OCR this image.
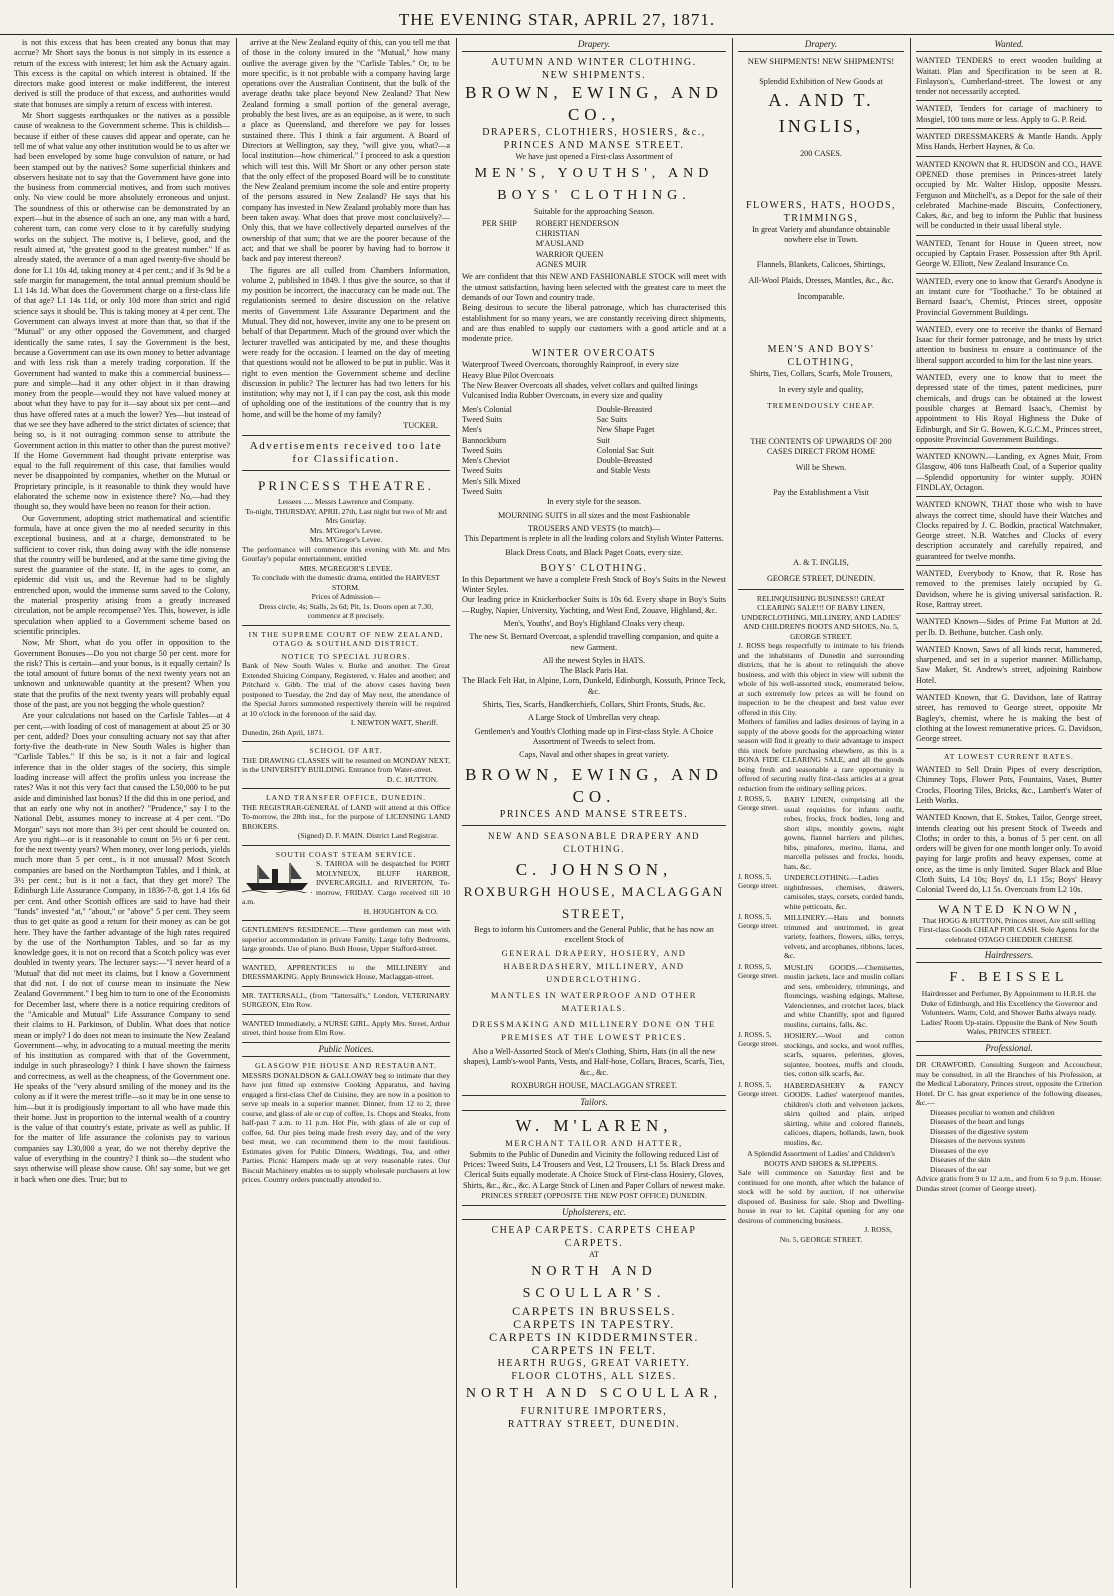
THE EVENING STAR, APRIL 27, 1871.

is not this excess that has been created any bonus that may accrue? Mr Short says the bonus is not simply in its essence a return of the excess with interest; let him ask the Actuary again. This excess is the capital on which interest is obtained. If the directors make good interest or make indifferent, the interest derived is still the produce of that excess, and authorities would state that bonuses are simply a return of excess with interest.

Mr Short suggests earthquakes or the natives as a possible cause of weakness to the Government scheme. This is childish—because if either of these causes did appear and operate, can he tell me of what value any other institution would be to us after we had been enveloped by some huge convulsion of nature, or had been stamped out by the natives? Some superficial thinkers and observers hesitate not to say that the Government have gone into the business from commercial motives, and from such motives only. No view could be more absolutely erroneous and unjust. The soundness of this or otherwise can be demonstrated by an expert—but in the absence of such an one, any man with a hard, coherent turn, can come very close to it by carefully studying works on the subject. The motive is, I believe, good, and the result aimed at, "the greatest good to the greatest number." If as already stated, the averance of a man aged twenty-five should be done for L1 10s 4d, taking money at 4 per cent.; and if 3s 9d be a safe margin for management, the total annual premium should be L1 14s 1d. What does the Government charge on a first-class life of that age? L1 14s 11d, or only 10d more than strict and rigid science says it should be. This is taking money at 4 per cent. The Government can always invest at more than that, so that if the "Mutual" or any other opposed the Government, and charged identically the same rates, I say the Government is the best, because a Government can use its own money to better advantage and with less risk than a merely trading corporation. If the Government had wanted to make this a commercial business—pure and simple—had it any other object in it than drawing money from the people—would they not have valued money at about what they have to pay for it—say about six per cent—and thus have offered rates at a much the lower? Yes—but instead of that we see they have adhered to the strict dictates of science; that being so, is it not outraging common sense to attribute the Government action in this matter to other than the purest motive? If the Home Government had thought private enterprise was equal to the full requirement of this case, that families would never be disappointed by companies, whether on the Mutual or Proprietary principle, is it reasonable to think they would have elaborated the scheme now in existence there? No,—had they thought so, they would have been no reason for their action.

Our Government, adopting strict mathematical and scientific formula, have at once given the mo al needed security in this exceptional business, and at a charge, demonstrated to be sufficient to cover risk, thus doing away with the idle nonsense that the country will be burdened, and at the same time giving the surest the guarantee of the state. If, in the ages to come, an epidemic did visit us, and the Revenue had to be slightly entrenched upon, would the immense sums saved to the Colony, the material prosperity arising from a greatly increased circulation, not be ample recompense? Yes. This, however, is idle speculation when applied to a Government scheme based on scientific principles.

Now, Mr Short, what do you offer in opposition to the Government Bonuses—Do you not charge 50 per cent. more for the risk? This is certain—and your bonus, is it equally certain? Is the total amount of future bonus of the next twenty years not an unknown and unknowable quantity at the present? When you state that the profits of the next twenty years will probably equal those of the past, are you not begging the whole question?

Are your calculations not based on the Carlisle Tables—at 4 per cent,—with loading of cost of management at about 25 or 30 per cent, added? Does your consulting actuary not say that after forty-five the death-rate in New South Wales is higher than "Carlisle Tables." If this be so, is it not a fair and logical inference that in the older stages of the society, this simple loading increase will affect the profits unless you increase the rates? Was it not this very fact that caused the L50,000 to be put aside and diminished last bonus? If the did this in one period, and that an early one why not in another? "Prudence," say I to the National Debt, assumes money to increase at 4 per cent. "Do Morgan" says not more than 3½ per cent should be counted on. Are you right—or is it reasonable to count on 5½ or 6 per cent. for the next twenty years? When money, over long periods, yields much more than 5 per cent., is it not unusual? Most Scotch companies are based on the Northampton Tables, and I think, at 3½ per cent.; but is it not a fact, that they get more? The Edinburgh Life Assurance Company, in 1836-7-8, got 1.4 16s 6d per cent. And other Scottish offices are said to have had their "funds" invested "at," "about," or "above" 5 per cent. They seem thus to get quite as good a return for their money as can be got here. They have the farther advantage of the high rates required by the use of the Northampton Tables, and so far as my knowledge goes, it is not on record that a Scotch policy was ever doubled in twenty years. The lecturer says:—"I never heard of a 'Mutual' that did not meet its claims, but I know a Government that did not. I do not of course mean to insinuate the New Zealand Government." I beg him to turn to one of the Economists for December last, where there is a notice requiring creditors of the "Amicable and Mutual" Life Assurance Company to send their claims to H. Parkinson, of Dublin. What does that notice mean or imply? I do does not mean to insinuate the New Zealand Government—why, in advocating to a mutual meeting the merits of his institution as compared with that of the Government, indulge in such phraseology? I think I have shown the fairness and correctness, as well as the cheapness, of the Government one. He speaks of the "very absurd smiling of the money and its the colony as if it were the merest trifle—so it may be in one sense to him—but it is prodigiously important to all who have made this their home. Just in proportion to the internal wealth of a country is the value of that country's estate, private as well as public. If for the matter of life assurance the colonists pay to various companies say L30,000 a year, do we not thereby deprive the value of everything in the country? I think so—the student who says otherwise will please show cause. Oh! say some, but we get it back when one dies. True; but to

arrive at the New Zealand equity of this, can you tell me that of those in the colony insured in the "Mutual," how many outlive the average given by the "Carlisle Tables." Or, to be more specific, is it not probable with a company having large operations over the Australian Continent, that the bulk of the average deaths take place beyond New Zealand? That New Zealand forming a small portion of the general average, probably the best lives, are as an equipoise, as it were, to such a place as Queensland, and therefore we pay for losses sustained there. This I think a fair argument. A Board of Directors at Wellington, say they, "will give you, what?—a local institution—how chimerical." I proceed to ask a question which will test this. Will Mr Short or any other person state that the only effect of the proposed Board will be to constitute the New Zealand premium income the sole and entire property of the persons assured in New Zealand? He says that his company has invested in New Zealand probably more than has been taken away. What does that prove most conclusively?—Only this, that we have collectively departed ourselves of the ownership of that sum; that we are the poorer because of the act; and that we shall be poorer by having had to borrow it back and pay interest thereon?

The figures are all culled from Chambers Information, volume 2, published in 1849. I thus give the source, so that if my position be incorrect, the inaccuracy can be made out. The regulationists seemed to desire discussion on the relative merits of Government Life Assurance Department and the Mutual. They did not, however, invite any one to be present on behalf of that Department. Much of the ground over which the lecturer travelled was anticipated by me, and these thoughts were ready for the occasion. I learned on the day of meeting that questions would not be allowed to be put in public. Was it right to even mention the Government scheme and decline discussion in public? The lecturer has had two letters for his institution; why may not I, if I can pay the cost, ask this mode of upholding one of the institutions of the country that is my home, and will be the home of my family?

TUCKER.
Advertisements received too late for Classification.
PRINCESS THEATRE.
Lessees ..... Messrs Lawrence and Company.
To-night, THURSDAY, APRIL 27th, Last night but two of Mr and Mrs Gourlay.
Mrs. M'Gregor's Levee.
Mrs. M'Gregor's Levee.
The performance will commence this evening with Mr. and Mrs Gourlay's popular entertainment, entitled
MRS. M'GREGOR'S LEVEE.
To conclude with the domestic drama, entitled the HARVEST STORM.
Prices of Admission—
Dress circle, 4s; Stalls, 2s 6d; Pit, 1s. Doors open at 7.30, commence at 8 precisely.
IN THE SUPREME COURT OF NEW ZEALAND, OTAGO & SOUTHLAND DISTRICT.
NOTICE TO SPECIAL JURORS.
Bank of New South Wales v. Burke and another. The Great Extended Sluicing Company, Registered, v. Hales and another; and Pritchard v. Gibb. The trial of the above cases having been postponed to Tuesday, the 2nd day of May next, the attendance of the Special Jurors summoned respectively therein will be required at 10 o'clock in the forenoon of the said day.
I. NEWTON WATT, Sheriff.
Dunedin, 26th April, 1871.
SCHOOL OF ART.
THE DRAWING CLASSES will be resumed on MONDAY NEXT, in the UNIVERSITY BUILDING. Entrance from Water-street.
D. C. HUTTON.
LAND TRANSFER OFFICE, DUNEDIN.
THE REGISTRAR-GENERAL of LAND will attend at this Office To-morrow, the 28th inst., for the purpose of LICENSING LAND BROKERS.
(Signed) D. F. MAIN. District Land Registrar.
SOUTH COAST STEAM SERVICE.
S. TAIROA will be despatched for PORT MOLYNEUX, BLUFF HARBOR, INVERCARGILL and RIVERTON, To-morrow, FRIDAY. Cargo received till 10 a.m.
H. HOUGHTON & CO.
GENTLEMEN'S RESIDENCE.—Three gentlemen can meet with superior accommodation in private Family. Large lofty Bedrooms, large grounds. Use of piano. Bush House, Upper Stafford-street.
WANTED, APPRENTICES to the MILLINERY and DRESSMAKING. Apply Brunswick House, Maclaggan-street.
MR. TATTERSALL, (from "Tattersall's," London, VETERINARY SURGEON, Elm Row.
WANTED Immediately, a NURSE GIRL. Apply Mrs. Street, Arthur street, third house from Elm Row.
Public Notices.
GLASGOW PIE HOUSE AND RESTAURANT.
MESSRS DONALDSON & GALLOWAY beg to intimate that they have just fitted up extensive Cooking Apparatus, and having engaged a first-class Chef de Cuisine, they are now in a position to serve up meals in a superior manner. Dinner, from 12 to 2, three course, and glass of ale or cup of coffee, 1s. Chops and Steaks, from half-past 7 a.m. to 11 p.m. Hot Pie, with glass of ale or cup of coffee, 6d. Our pies being made fresh every day, and of the very best meat, we can recommend them to the most fastidious. Estimates given for Public Dinners, Weddings, Tea, and other Parties. Picnic Hampers made up at very reasonable rates. Our Biscuit Machinery enables us to supply wholesale purchasers at low prices. Country orders punctually attended to.
Drapery.
AUTUMN AND WINTER CLOTHING.
NEW SHIPMENTS.
BROWN, EWING, AND CO.,
DRAPERS, CLOTHIERS, HOSIERS, &c.,
PRINCES AND MANSE STREET.
We have just opened a First-class Assortment of
MEN'S, YOUTHS', AND BOYS' CLOTHING.
Suitable for the approaching Season.
PER SHIP	ROBERT HENDERSON
CHRISTIAN M'AUSLAND
WARRIOR QUEEN
AGNES MUIR
We are confident that this NEW AND FASHIONABLE STOCK will meet with the utmost satisfaction, having been selected with the greatest care to meet the demands of our Town and country trade.
Being desirous to secure the liberal patronage, which has characterised this establishment for so many years, we are constantly receiving direct shipments, and are thus enabled to supply our customers with a good article and at a moderate price.
WINTER OVERCOATS
Waterproof Tweed Overcoats, thoroughly Rainproof, in every size
Heavy Blue Pilot Overcoats
The New Beaver Overcoats all shades, velvet collars and quilted linings
Vulcanised India Rubber Overcoats, in every size and quality
Men's Colonial Tweed Suits
Men's Bannockburn Tweed Suits
Men's Cheviot Tweed Suits
Men's Silk Mixed Tweed Suits
Double-Breasted Sac Suits
New Shape Paget Suit
Colonial Sac Suit
Double-Breasted and Stable Vests
In every style for the season.
MOURNING SUITS in all sizes and the most Fashionable
TROUSERS AND VESTS (to match)—
This Department is replete in all the leading colors and Stylish Winter Patterns.
Black Dress Coats, and Black Paget Coats, every size.
BOYS' CLOTHING.
In this Department we have a complete Fresh Stock of Boy's Suits in the Newest Winter Styles.
Our leading price in Knickerbocker Suits is 10s 6d. Every shape in Boy's Suits—Rugby, Napier, University, Yachting, and West End, Zouave, Highland, &c.
Men's, Youths', and Boy's Highland Cloaks very cheap.
The new St. Bernard Overcoat, a splendid travelling companion, and quite a new Garment.
All the newest Styles in HATS.
The Black Paris Hat.
The Black Felt Hat, in Alpine, Lorn, Dunkeld, Edinburgh, Kossuth, Prince Teck, &c.
Shirts, Ties, Scarfs, Handkerchiefs, Collars, Shirt Fronts, Studs, &c.
A Large Stock of Umbrellas very cheap.
Gentlemen's and Youth's Clothing made up in First-class Style. A Choice Assortment of Tweeds to select from.
Caps, Naval and other shapes in great variety.
BROWN, EWING, AND CO.
PRINCES AND MANSE STREETS.
NEW AND SEASONABLE DRAPERY AND CLOTHING.
C. JOHNSON,
ROXBURGH HOUSE, MACLAGGAN STREET,
Begs to inform his Customers and the General Public, that he has now an excellent Stock of
GENERAL DRAPERY, HOSIERY, AND HABERDASHERY, MILLINERY, AND UNDERCLOTHING.
MANTLES IN WATERPROOF AND OTHER MATERIALS.
DRESSMAKING AND MILLINERY DONE ON THE PREMISES AT THE LOWEST PRICES.
Also a Well-Assorted Stock of Men's Clothing, Shirts, Hats (in all the new shapes), Lamb's-wool Pants, Vests, and Half-hose, Collars, Braces, Scarfs, Ties, &c., &c.
ROXBURGH HOUSE, MACLAGGAN STREET.
Tailors.
W. M'LAREN,
MERCHANT TAILOR AND HATTER,
Submits to the Public of Dunedin and Vicinity the following reduced List of Prices: Tweed Suits, L4 Trousers and Vest, L2 Trousers, L1 5s. Black Dress and Clerical Suits equally moderate. A Choice Stock of First-class Hosiery, Gloves, Shirts, &c., &c., &c. A Large Stock of Linen and Paper Collars of newest make.
PRINCES STREET (OPPOSITE THE NEW POST OFFICE) DUNEDIN.
Upholsterers, etc.
CHEAP CARPETS. CARPETS CHEAP CARPETS.
AT
NORTH AND SCOULLAR'S.
CARPETS IN BRUSSELS.
CARPETS IN TAPESTRY.
CARPETS IN KIDDERMINSTER.
CARPETS IN FELT.
HEARTH RUGS, GREAT VARIETY.
FLOOR CLOTHS, ALL SIZES.
NORTH AND SCOULLAR,
FURNITURE IMPORTERS,
RATTRAY STREET, DUNEDIN.
Drapery.
NEW SHIPMENTS! NEW SHIPMENTS!
Splendid Exhibition of New Goods at
A. AND T. INGLIS,
200 CASES.
FLOWERS, HATS, HOODS, TRIMMINGS,
In great Variety and abundance obtainable nowhere else in Town.
Flannels, Blankets, Calicoes, Shirtings,
All-Wool Plaids, Dresses, Mantles, &c., &c.
Incomparable.
MEN'S AND BOYS' CLOTHING,
Shirts, Ties, Collars, Scarfs, Mole Trousers,
In every style and quality,
TREMENDOUSLY CHEAP.
THE CONTENTS OF UPWARDS OF 200 CASES DIRECT FROM HOME
Will be Shewn.
Pay the Establishment a Visit
A. & T. INGLIS,
GEORGE STREET, DUNEDIN.
RELINQUISHING BUSINESS!! GREAT CLEARING SALE!!! OF BABY LINEN, UNDERCLOTHING, MILLINERY, AND LADIES' AND CHILDREN'S BOOTS AND SHOES, No. 5, GEORGE STREET.
J. ROSS begs respectfully to intimate to his friends and the inhabitants of Dunedin and surrounding districts, that he is about to relinquish the above business, and with this object in view will submit the whole of his well-assorted stock, enumerated below, at such extremely low prices as will be found on inspection to be the cheapest and best value ever offered in this City.
Mothers of families and ladies desirous of laying in a supply of the above goods for the approaching winter season will find it greatly to their advantage to inspect this stock before purchasing elsewhere, as this is a BONA FIDE CLEARING SALE, and all the goods being fresh and seasonable a rare opportunity is offered of securing really first-class articles at a great reduction from the ordinary selling prices.
J. ROSS, 5, George street.
BABY LINEN, comprising all the usual requisites for infants outfit, robes, frocks, frock bodies, long and short slips, monthly gowns, night gowns, flannel barriers and pilches, bibs, pinafores, merino, llama, and marcella pelisses and frocks, hoods, hats, &c.
J. ROSS, 5, George street.
UNDERCLOTHING.—Ladies nightdresses, chemises, drawers, camisoles, stays, corsets, corded bands, white petticoats, &c.
J. ROSS, 5, George street.
MILLINERY.—Hats and bonnets trimmed and untrimmed, in great variety, feathers, flowers, silks, terrys, velvets, and arcophanes, ribbons, laces, &c.
J. ROSS, 5, George street.
MUSLIN GOODS.—Chemisettes, muslin jackets, lace and muslin collars and sets, embroidery, trimmings, and flouncings, washing edgings, Maltese, Valenciennes, and crotchet laces, black and white Chantilly, spot and figured muslins, curtains, falls, &c.
J. ROSS, 5, George street.
HOSIERY.—Wool and cotton stockings, and socks, and wool ruffles, scarfs, squares, pelerines, gloves, sujantee, bootees, muffs and clouds, ties, cotton silk scarfs, &c.
J. ROSS, 5, George street.
HABERDASHERY & FANCY GOODS. Ladies' waterproof mantles, children's cloth and velveteen jackets, skirts quilted and plain, striped skirting, white and colored flannels, calicoes, diapers, hollands, lawn, book muslins, &c.
A Splendid Assortment of Ladies' and Children's BOOTS AND SHOES & SLIPPERS.
Sale will commence on Saturday first and be continued for one month, after which the balance of stock will be sold by auction, if not otherwise disposed of. Business for sale. Shop and Dwelling-house in rear to let. Capital opening for any one desirous of commencing business.
J. ROSS,
No. 5, GEORGE STREET.
Wanted.
WANTED TENDERS to erect wooden building at Waitati. Plan and Specification to be seen at R. Finlayson's, Cumberland-street. The lowest or any tender not necessarily accepted.
WANTED, Tenders for cartage of machinery to Mosgiel, 100 tons more or less. Apply to G. P. Reid.
WANTED DRESSMAKERS & Mantle Hands. Apply Miss Hands, Herbert Haynes, & Co.
WANTED KNOWN that R. HUDSON and CO., HAVE OPENED those premises in Princes-street lately occupied by Mr. Walter Hislop, opposite Messrs. Ferguson and Mitchell's, as a Depot for the sale of their celebrated Machine-made Biscuits, Confectionery, Cakes, &c, and beg to inform the Public that business will be conducted in their usual liberal style.
WANTED, Tenant for House in Queen street, now occupied by Captain Fraser. Possession after 9th April. George W. Elliott, New Zealand Insurance Co.
WANTED, every one to know that Gerard's Anodyne is an instant cure for "Toothache." To be obtained at Bernard Isaac's, Chemist, Princes street, opposite Provincial Government Buildings.
WANTED, every one to receive the thanks of Bernard Isaac for their former patronage, and he trusts by strict attention to business to ensure a continuance of the liberal support accorded to him for the last nine years.
WANTED, every one to know that to meet the depressed state of the times, patent medicines, pure chemicals, and drugs can be obtained at the lowest possible charges at Bernard Isaac's, Chemist by appointment to His Royal Highness the Duke of Edinburgh, and Sir G. Bowen, K.G.C.M., Princes street, opposite Provincial Government Buildings.
WANTED KNOWN.—Landing, ex Agnes Muir, From Glasgow, 406 tons Halbeath Coal, of a Superior quality—Splendid opportunity for winter supply. JOHN FINDLAY, Octagon.
WANTED KNOWN, THAT those who wish to have always the correct time, should have their Watches and Clocks repaired by J. C. Bodkin, practical Watchmaker, George street. N.B. Watches and Clocks of every description accurately and carefully repaired, and guaranteed for twelve months.
WANTED, Everybody to Know, that R. Rose has removed to the premises lately occupied by G. Davidson, where he is giving universal satisfaction. R. Rose, Rattray street.
WANTED Known—Sides of Prime Fat Mutton at 2d. per lb. D. Bethune, butcher. Cash only.
WANTED Known, Saws of all kinds recut, hammered, sharpened, and set in a superior manner. Millichamp, Saw Maker, St. Andrew's street, adjoining Rainbow Hotel.
WANTED Known, that G. Davidson, late of Rattray street, has removed to George street, opposite Mr Bagley's, chemist, where he is making the best of clothing at the lowest remunerative prices. G. Davidson, George street.
AT LOWEST CURRENT RATES.
WANTED to Sell Drain Pipes of every description, Chimney Tops, Flower Pots, Fountains, Vases, Butter Crocks, Flooring Tiles, Bricks, &c., Lambert's Water of Leith Works.
WANTED Known, that E. Stokes, Tailor, George street, intends clearing out his present Stock of Tweeds and Cloths; in order to this, a bonus of 5 per cent. on all orders will be given for one month longer only. To avoid paying for large profits and heavy expenses, come at once, as the time is only limited. Super Black and Blue Cloth Suits, L4 10s; Boys' do, L1 15s; Boys' Heavy Colonial Tweed do, L1 5s. Overcoats from L2 10s.
WANTED KNOWN,
That HOGG & HUTTON, Princes street, Are still selling First-class Goods CHEAP FOR CASH. Sole Agents for the celebrated OTAGO CHEDDER CHEESE
Hairdressers.
F. BEISSEL
Hairdresser and Perfumer, By Appointment to H.R.H. the Duke of Edinburgh, and His Excellency the Governor and Volunteers. Warm, Cold, and Shower Baths always ready. Ladies' Room Up-stairs. Opposite the Bank of New South Wales, PRINCES STREET.
Professional.
DR CRAWFORD, Consulting Surgeon and Accoucheur, may be consulted, in all the Branches of his Profession, at the Medical Laboratory, Princes street, opposite the Criterion Hotel. Dr C. has great experience of the following diseases, &c.—
Diseases peculiar to women and children
Diseases of the heart and lungs
Diseases of the digestive system
Diseases of the nervous system
Diseases of the eye
Diseases of the skin
Diseases of the ear
Advice gratis from 9 to 12 a.m., and from 6 to 9 p.m. House: Dundas street (corner of George street).
